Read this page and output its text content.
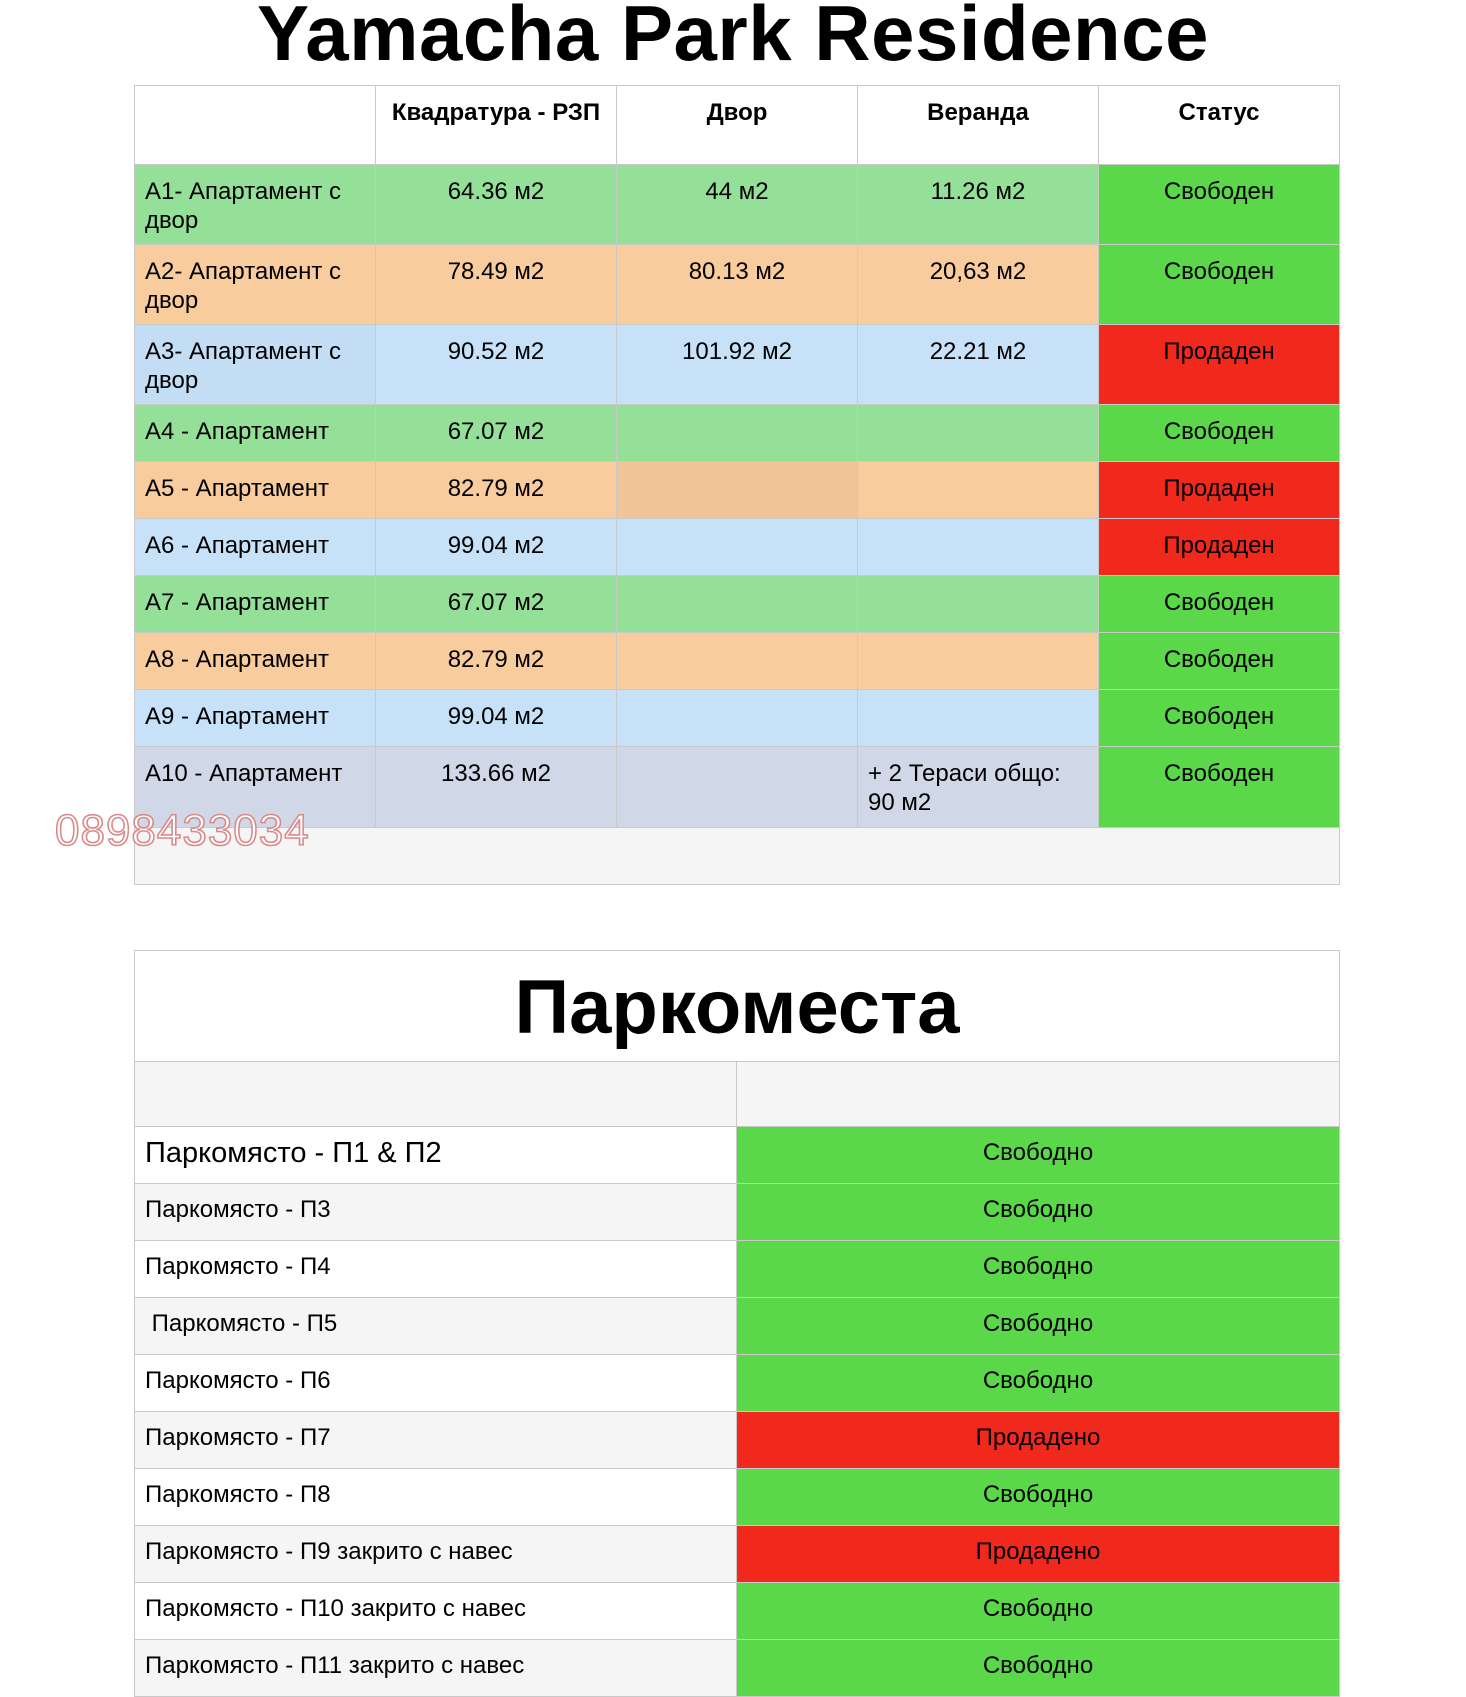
Yamacha Park Residence
	Квадратура - РЗП	Двор	Веранда	Статус
A1- Апартамент с двор	64.36 м2	44 м2	11.26 м2	Свободен
A2- Апартамент с двор	78.49 м2	80.13 м2	20,63 м2	Свободен
A3- Апартамент с двор	90.52 м2	101.92 м2	22.21 м2	Продаден
A4 - Апартамент	67.07 м2			Свободен
A5 - Апартамент	82.79 м2			Продаден
A6 - Апартамент	99.04 м2			Продаден
A7 - Апартамент	67.07 м2			Свободен
A8 - Апартамент	82.79 м2			Свободен
A9 - Апартамент	99.04 м2			Свободен
A10 - Апартамент	133.66 м2		+ 2 Тераси общо: 90 м2	Свободен

0898433034
Паркоместа	

Паркомясто - П1 & П2	Свободно
Паркомясто - П3	Свободно
Паркомясто - П4	Свободно
Паркомясто - П5	Свободно
Паркомясто - П6	Свободно
Паркомясто - П7	Продадено
Паркомясто - П8	Свободно
Паркомясто - П9 закрито с навес	Продадено
Паркомясто - П10 закрито с навес	Свободно
Паркомясто - П11 закрито с навес	Свободно
